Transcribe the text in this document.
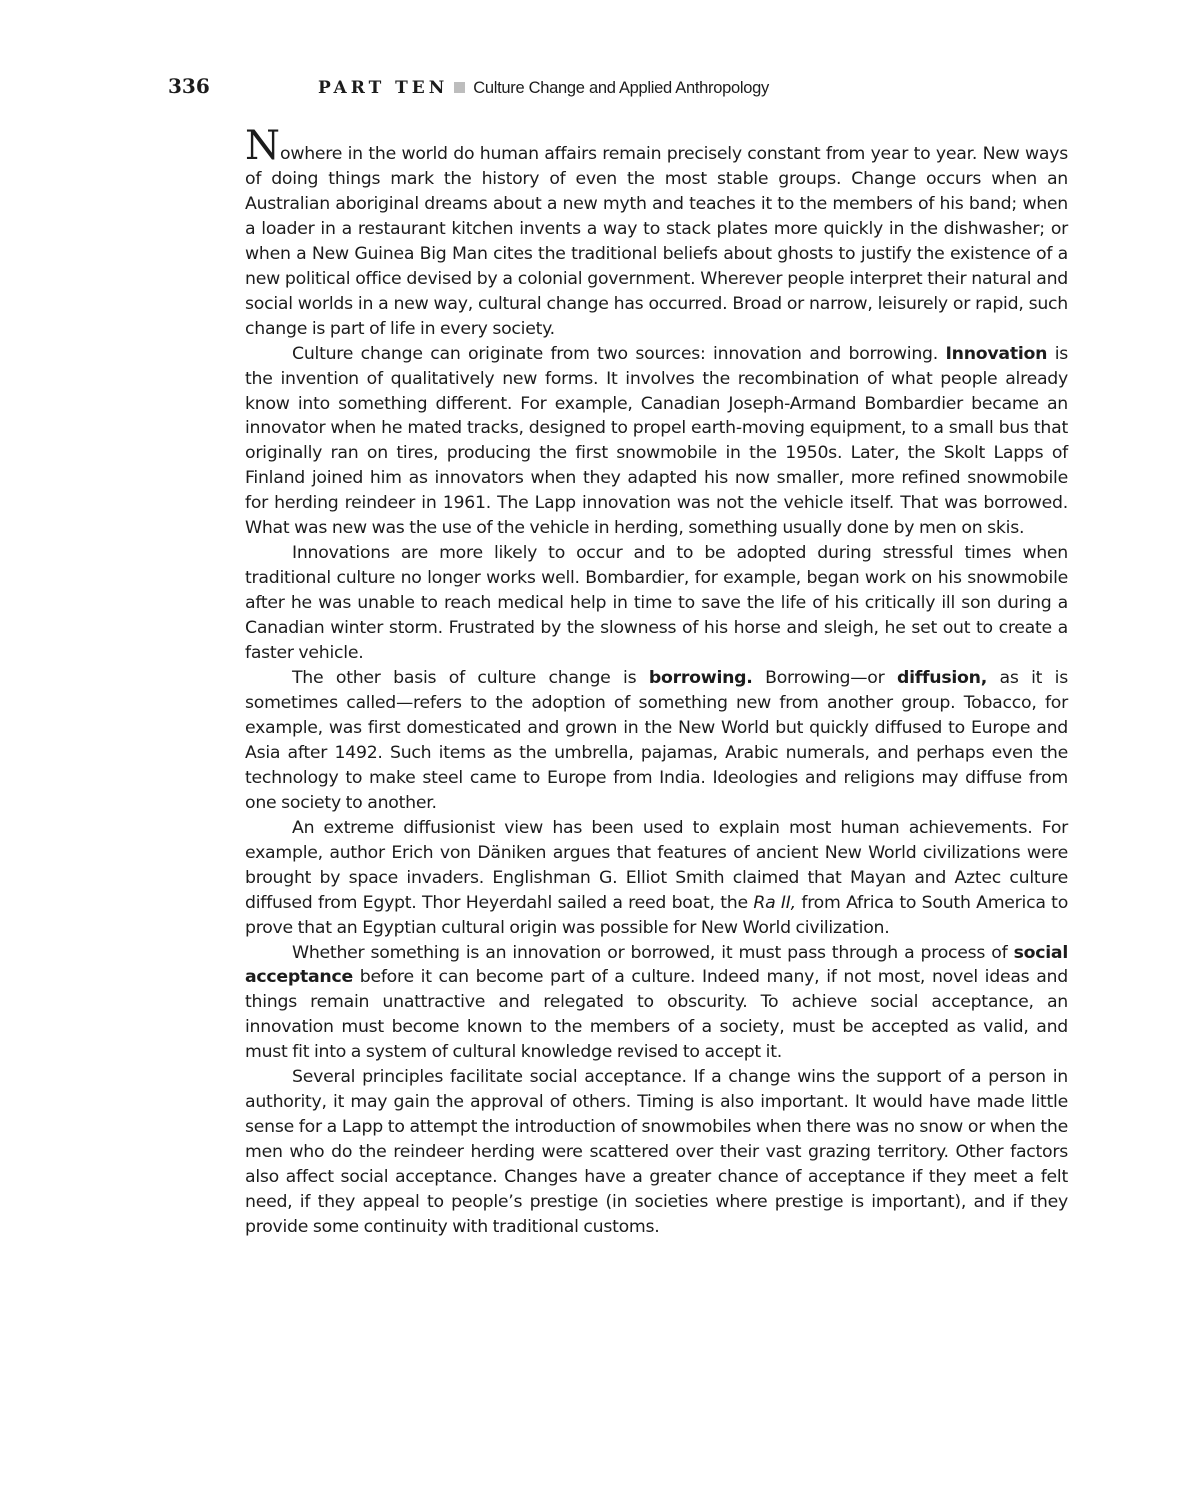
336	PART TEN Culture Change and Applied Anthropology

Nowhere in the world do human affairs remain precisely constant from year to year. New ways of doing things mark the history of even the most stable groups. Change occurs when an Australian aboriginal dreams about a new myth and teaches it to the members of his band; when a loader in a restaurant kitchen invents a way to stack plates more quickly in the dishwasher; or when a New Guinea Big Man cites the traditional beliefs about ghosts to justify the existence of a new political office devised by a colonial government. Wherever people interpret their natural and social worlds in a new way, cultural change has occurred. Broad or narrow, leisurely or rapid, such change is part of life in every society.

Culture change can originate from two sources: innovation and borrowing. Innovation is the invention of qualitatively new forms. It involves the recombination of what people already know into something different. For example, Canadian Joseph-Armand Bombardier became an innovator when he mated tracks, designed to propel earth-moving equipment, to a small bus that originally ran on tires, producing the first snowmobile in the 1950s. Later, the Skolt Lapps of Finland joined him as innovators when they adapted his now smaller, more refined snowmobile for herding reindeer in 1961. The Lapp innovation was not the vehicle itself. That was borrowed. What was new was the use of the vehicle in herding, something usually done by men on skis.

Innovations are more likely to occur and to be adopted during stressful times when traditional culture no longer works well. Bombardier, for example, began work on his snowmobile after he was unable to reach medical help in time to save the life of his critically ill son during a Canadian winter storm. Frustrated by the slowness of his horse and sleigh, he set out to create a faster vehicle.

The other basis of culture change is borrowing. Borrowing—or diffusion, as it is sometimes called—refers to the adoption of something new from another group. Tobacco, for example, was first domesticated and grown in the New World but quickly diffused to Europe and Asia after 1492. Such items as the umbrella, pajamas, Arabic numerals, and perhaps even the technology to make steel came to Europe from India. Ideologies and religions may diffuse from one society to another.

An extreme diffusionist view has been used to explain most human achievements. For example, author Erich von Däniken argues that features of ancient New World civilizations were brought by space invaders. Englishman G. Elliot Smith claimed that Mayan and Aztec culture diffused from Egypt. Thor Heyerdahl sailed a reed boat, the Ra II, from Africa to South America to prove that an Egyptian cultural origin was possible for New World civilization.

Whether something is an innovation or borrowed, it must pass through a process of social acceptance before it can become part of a culture. Indeed many, if not most, novel ideas and things remain unattractive and relegated to obscurity. To achieve social acceptance, an innovation must become known to the members of a society, must be accepted as valid, and must fit into a system of cultural knowledge revised to accept it.

Several principles facilitate social acceptance. If a change wins the support of a person in authority, it may gain the approval of others. Timing is also important. It would have made little sense for a Lapp to attempt the introduction of snowmobiles when there was no snow or when the men who do the reindeer herding were scattered over their vast grazing territory. Other factors also affect social acceptance. Changes have a greater chance of acceptance if they meet a felt need, if they appeal to people’s prestige (in societies where prestige is important), and if they provide some continuity with traditional customs.
